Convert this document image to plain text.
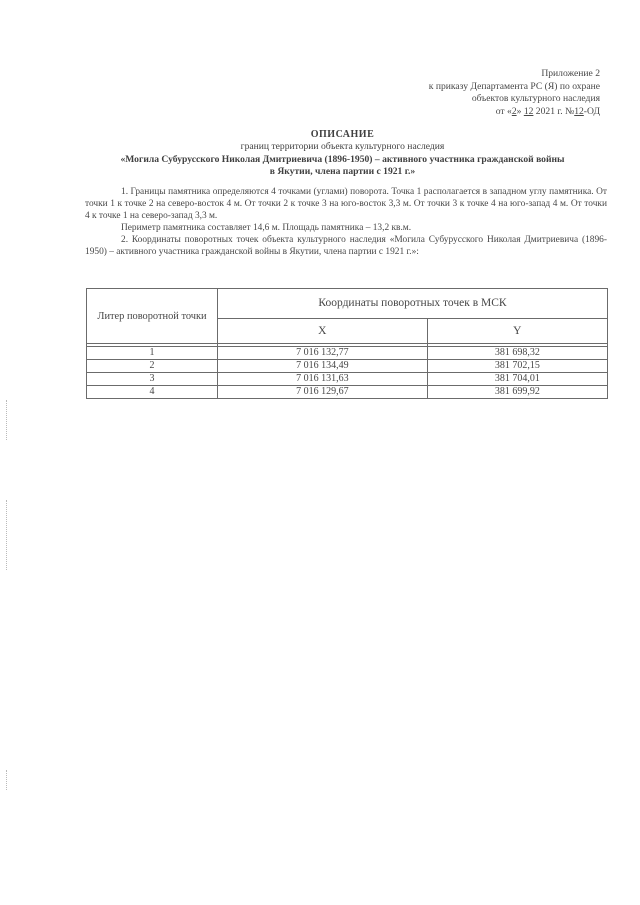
Приложение 2
к приказу Департамента РС (Я) по охране
объектов культурного наследия
от «2» 12 2021 г. №12-ОД
ОПИСАНИЕ
границ территории объекта культурного наследия
«Могила Субурусского Николая Дмитриевича (1896-1950) – активного участника гражданской войны
в Якутии, члена партии с 1921 г.»

1. Границы памятника определяются 4 точками (углами) поворота. Точка 1 располагается в западном углу памятника. От точки 1 к точке 2 на северо-восток 4 м. От точки 2 к точке 3 на юго-восток 3,3 м. От точки 3 к точке 4 на юго-запад 4 м. От точки 4 к точке 1 на северо-запад 3,3 м.

Периметр памятника составляет 14,6 м. Площадь памятника – 13,2 кв.м.

2. Координаты поворотных точек объекта культурного наследия «Могила Субурусского Николая Дмитриевича (1896-1950) – активного участника гражданской войны в Якутии, члена партии с 1921 г.»:

Литер поворотной точки	Координаты поворотных точек в МСК	
	X	Y

1	7 016 132,77	381 698,32
2	7 016 134,49	381 702,15
3	7 016 131,63	381 704,01
4	7 016 129,67	381 699,92
